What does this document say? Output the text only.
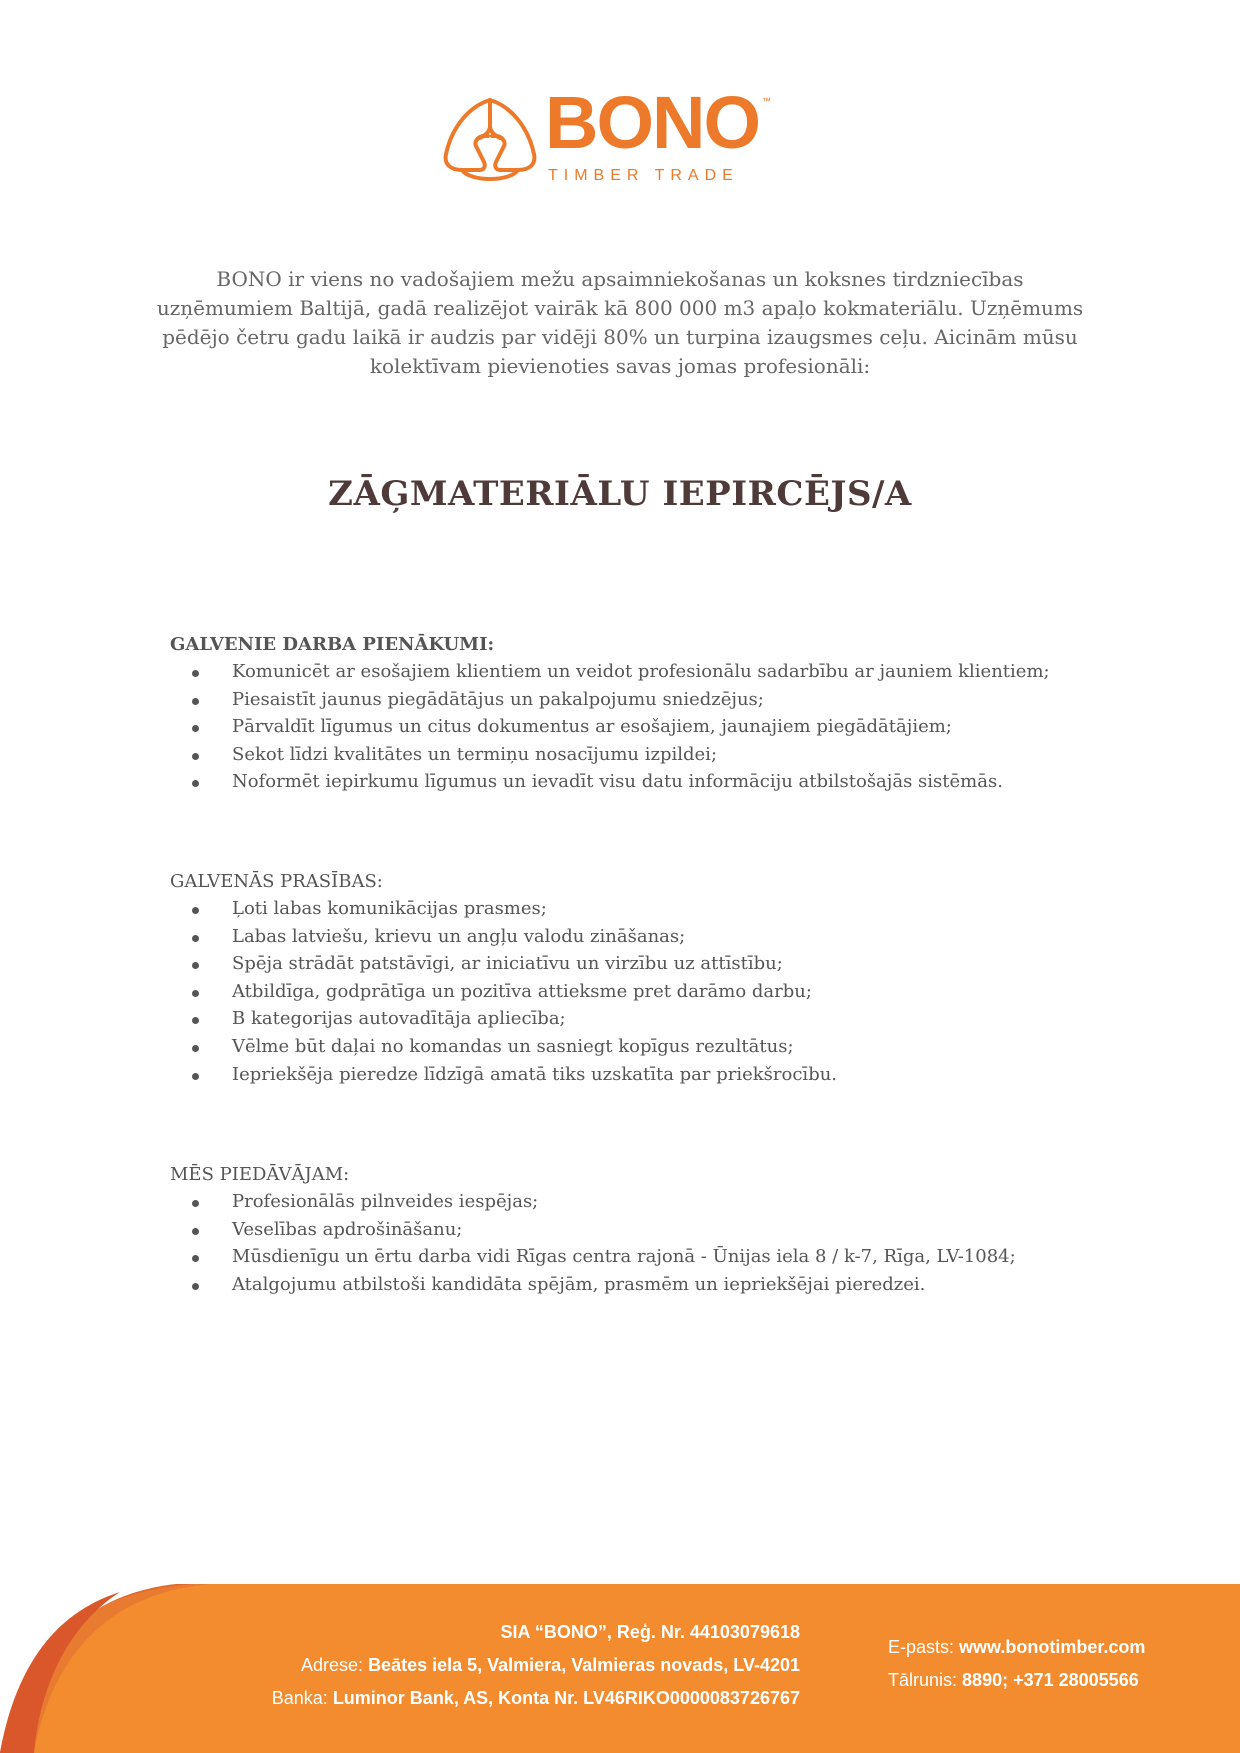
BONO ™
TIMBER TRADE
BONO ir viens no vadošajiem mežu apsaimniekošanas un koksnes tirdzniecības uzņēmumiem Baltijā, gadā realizējot vairāk kā 800 000 m3 apaļo kokmateriālu. Uzņēmums pēdējo četru gadu laikā ir audzis par vidēji 80% un turpina izaugsmes ceļu. Aicinām mūsu kolektīvam pievienoties savas jomas profesionāli:
ZĀĢMATERIĀLU IEPIRCĒJS/A
GALVENIE DARBA PIENĀKUMI:
Komunicēt ar esošajiem klientiem un veidot profesionālu sadarbību ar jauniem klientiem;
Piesaistīt jaunus piegādātājus un pakalpojumu sniedzējus;
Pārvaldīt līgumus un citus dokumentus ar esošajiem, jaunajiem piegādātājiem;
Sekot līdzi kvalitātes un termiņu nosacījumu izpildei;
Noformēt iepirkumu līgumus un ievadīt visu datu informāciju atbilstošajās sistēmās.
GALVENĀS PRASĪBAS:
Ļoti labas komunikācijas prasmes;
Labas latviešu, krievu un angļu valodu zināšanas;
Spēja strādāt patstāvīgi, ar iniciatīvu un virzību uz attīstību;
Atbildīga, godprātīga un pozitīva attieksme pret darāmo darbu;
B kategorijas autovadītāja apliecība;
Vēlme būt daļai no komandas un sasniegt kopīgus rezultātus;
Iepriekšēja pieredze līdzīgā amatā tiks uzskatīta par priekšrocību.
MĒS PIEDĀVĀJAM:
Profesionālās pilnveides iespējas;
Veselības apdrošināšanu;
Mūsdienīgu un ērtu darba vidi Rīgas centra rajonā - Ūnijas iela 8 / k-7, Rīga, LV-1084;
Atalgojumu atbilstoši kandidāta spējām, prasmēm un iepriekšējai pieredzei.
SIA “BONO”, Reģ. Nr. 44103079618
Adrese: Beātes iela 5, Valmiera, Valmieras novads, LV-4201
Banka: Luminor Bank, AS, Konta Nr. LV46RIKO0000083726767
E-pasts: www.bonotimber.com
Tālrunis: 8890; +371 28005566
